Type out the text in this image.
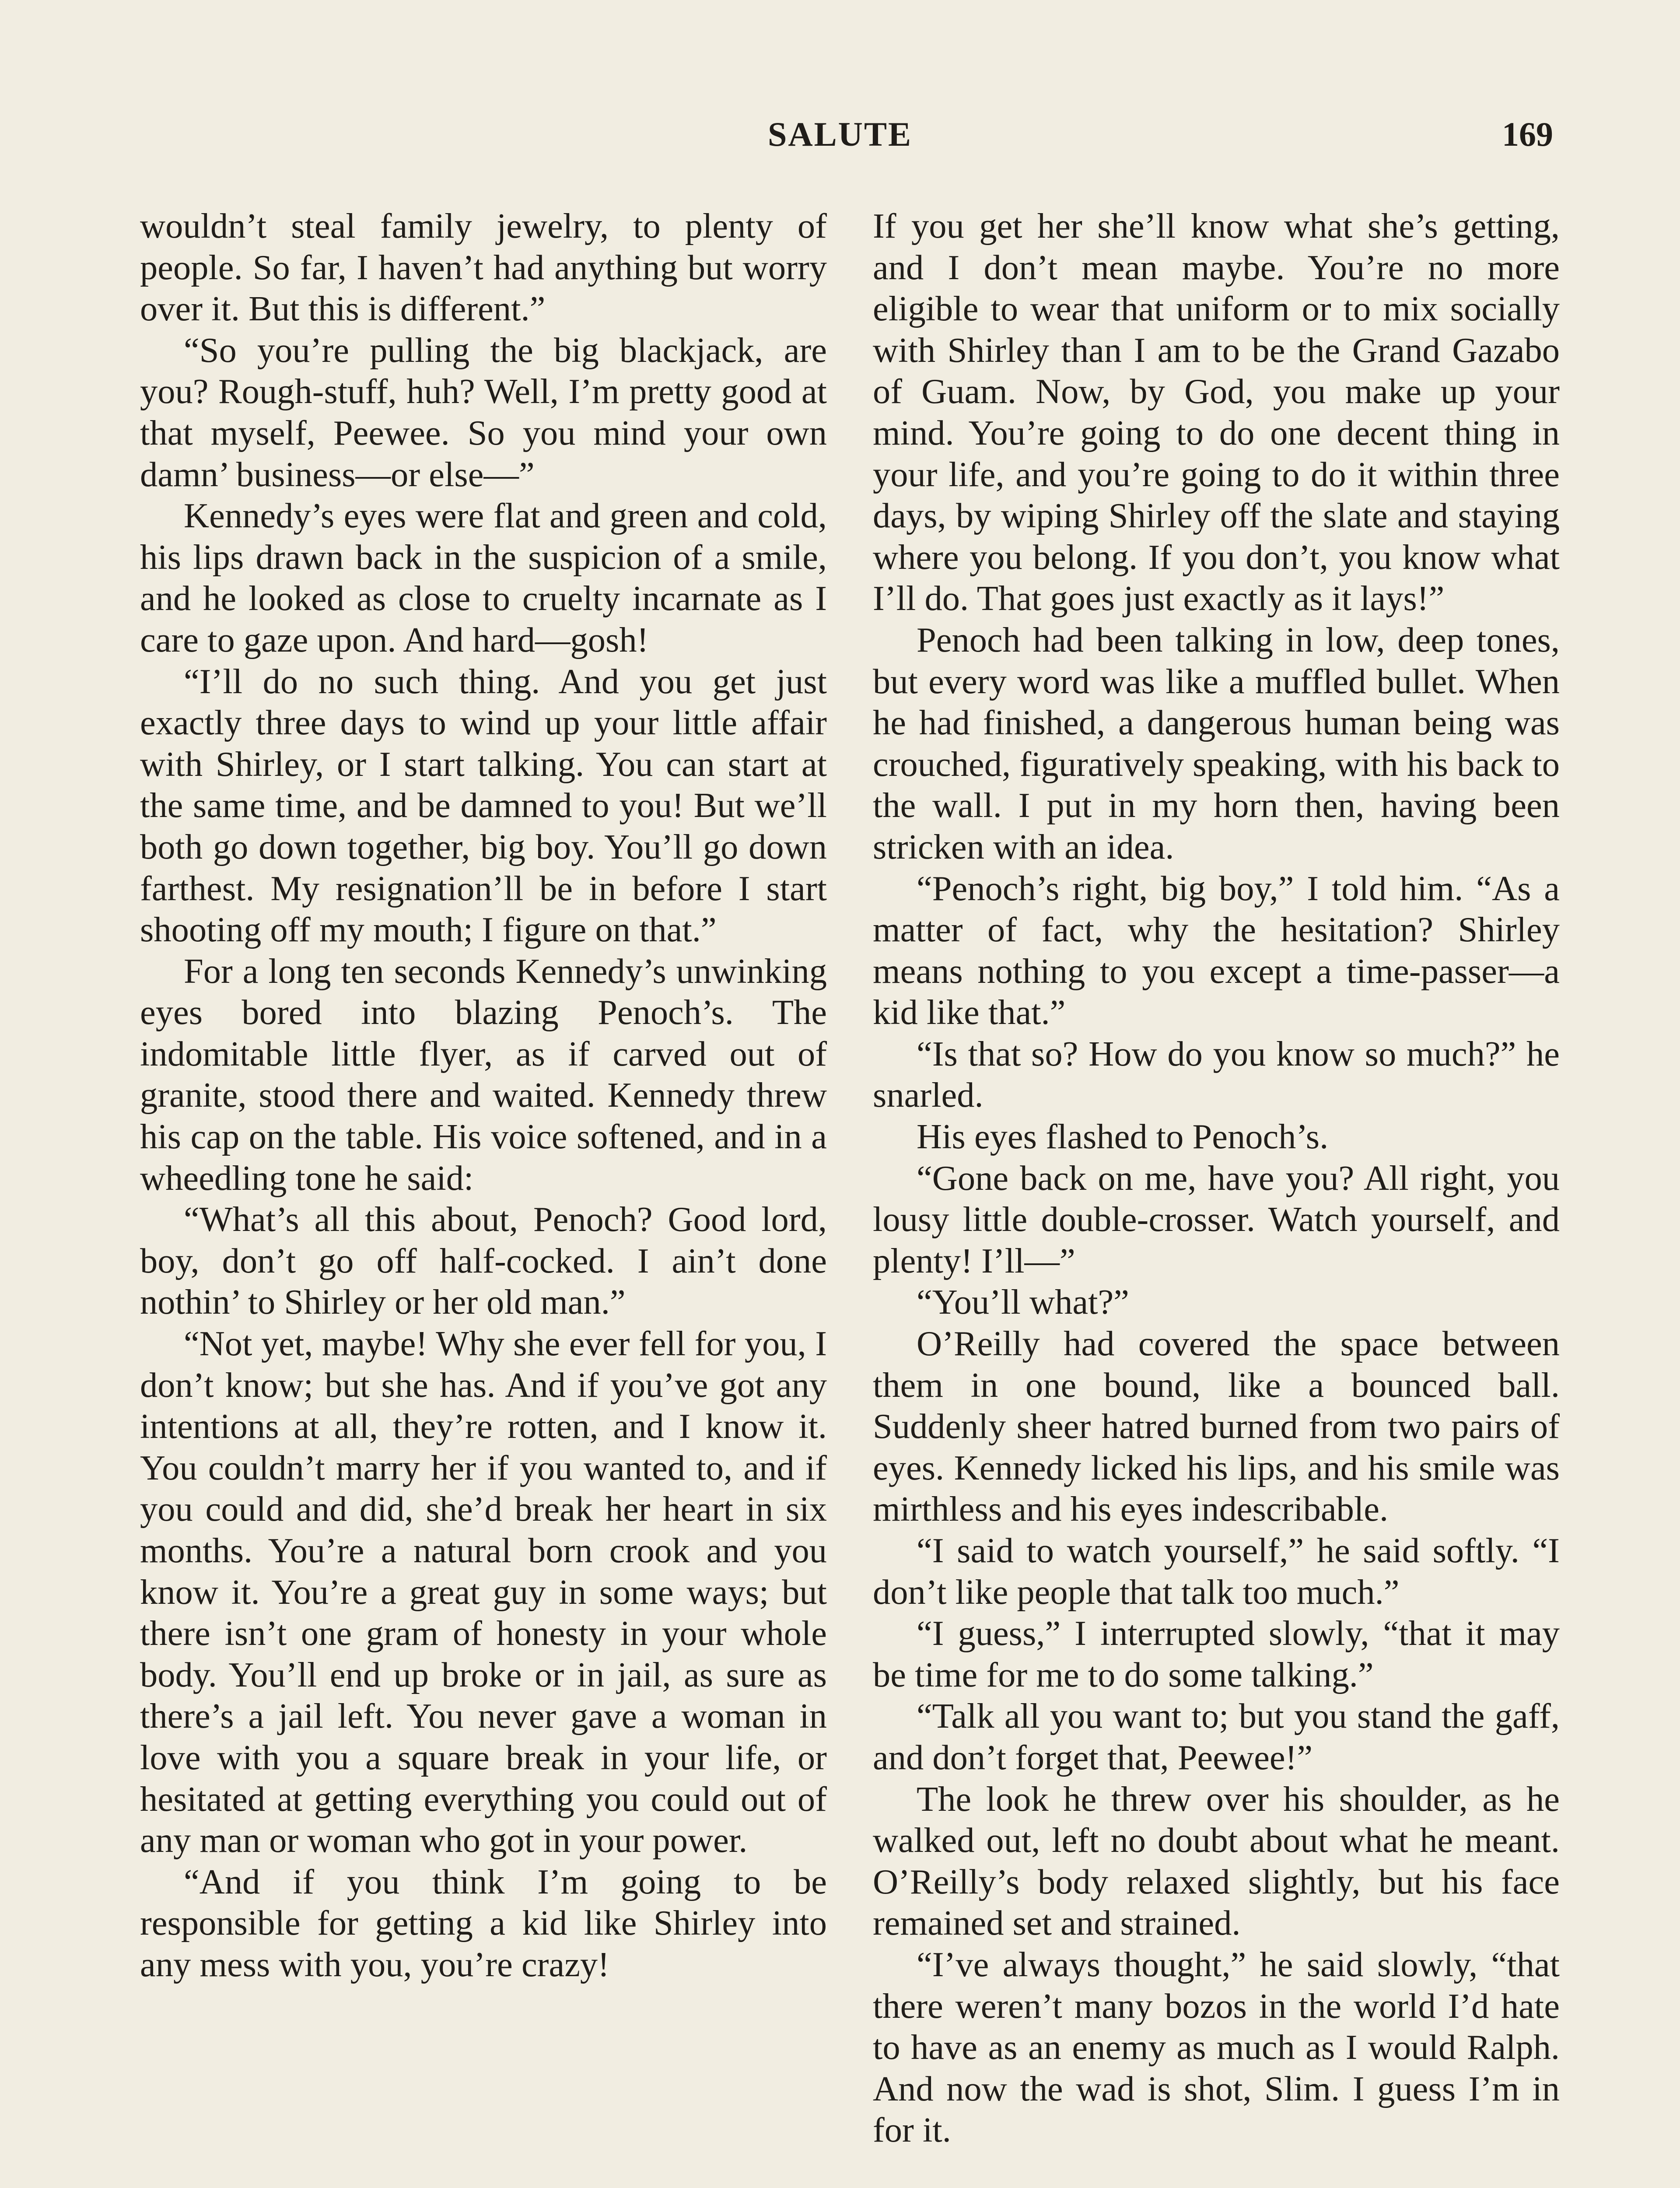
SALUTE	169

wouldn’t steal family jewelry, to plenty of people. So far, I haven’t had anything but worry over it. But this is different.”

“So you’re pulling the big blackjack, are you? Rough-stuff, huh? Well, I’m pretty good at that myself, Peewee. So you mind your own damn’ business—or else—”

Kennedy’s eyes were flat and green and cold, his lips drawn back in the suspicion of a smile, and he looked as close to cruelty incarnate as I care to gaze upon. And hard—gosh!

“I’ll do no such thing. And you get just exactly three days to wind up your little affair with Shirley, or I start talking. You can start at the same time, and be damned to you! But we’ll both go down together, big boy. You’ll go down farthest. My resignation’ll be in before I start shooting off my mouth; I figure on that.”

For a long ten seconds Kennedy’s unwinking eyes bored into blazing Penoch’s. The indomitable little flyer, as if carved out of granite, stood there and waited. Kennedy threw his cap on the table. His voice softened, and in a wheedling tone he said:

“What’s all this about, Penoch? Good lord, boy, don’t go off half-cocked. I ain’t done nothin’ to Shirley or her old man.”

“Not yet, maybe! Why she ever fell for you, I don’t know; but she has. And if you’ve got any intentions at all, they’re rotten, and I know it. You couldn’t marry her if you wanted to, and if you could and did, she’d break her heart in six months. You’re a natural born crook and you know it. You’re a great guy in some ways; but there isn’t one gram of honesty in your whole body. You’ll end up broke or in jail, as sure as there’s a jail left. You never gave a woman in love with you a square break in your life, or hesitated at getting everything you could out of any man or woman who got in your power.

“And if you think I’m going to be responsible for getting a kid like Shirley into any mess with you, you’re crazy!

If you get her she’ll know what she’s getting, and I don’t mean maybe. You’re no more eligible to wear that uniform or to mix socially with Shirley than I am to be the Grand Gazabo of Guam. Now, by God, you make up your mind. You’re going to do one decent thing in your life, and you’re going to do it within three days, by wiping Shirley off the slate and staying where you belong. If you don’t, you know what I’ll do. That goes just exactly as it lays!”

Penoch had been talking in low, deep tones, but every word was like a muffled bullet. When he had finished, a dangerous human being was crouched, figuratively speaking, with his back to the wall. I put in my horn then, having been stricken with an idea.

“Penoch’s right, big boy,” I told him. “As a matter of fact, why the hesitation? Shirley means nothing to you except a time-passer—a kid like that.”

“Is that so? How do you know so much?” he snarled.

His eyes flashed to Penoch’s.

“Gone back on me, have you? All right, you lousy little double-crosser. Watch yourself, and plenty! I’ll—”

“You’ll what?”

O’Reilly had covered the space between them in one bound, like a bounced ball. Suddenly sheer hatred burned from two pairs of eyes. Kennedy licked his lips, and his smile was mirthless and his eyes indescribable.

“I said to watch yourself,” he said softly. “I don’t like people that talk too much.”

“I guess,” I interrupted slowly, “that it may be time for me to do some talking.”

“Talk all you want to; but you stand the gaff, and don’t forget that, Peewee!”

The look he threw over his shoulder, as he walked out, left no doubt about what he meant. O’Reilly’s body relaxed slightly, but his face remained set and strained.

“I’ve always thought,” he said slowly, “that there weren’t many bozos in the world I’d hate to have as an enemy as much as I would Ralph. And now the wad is shot, Slim. I guess I’m in for it.
